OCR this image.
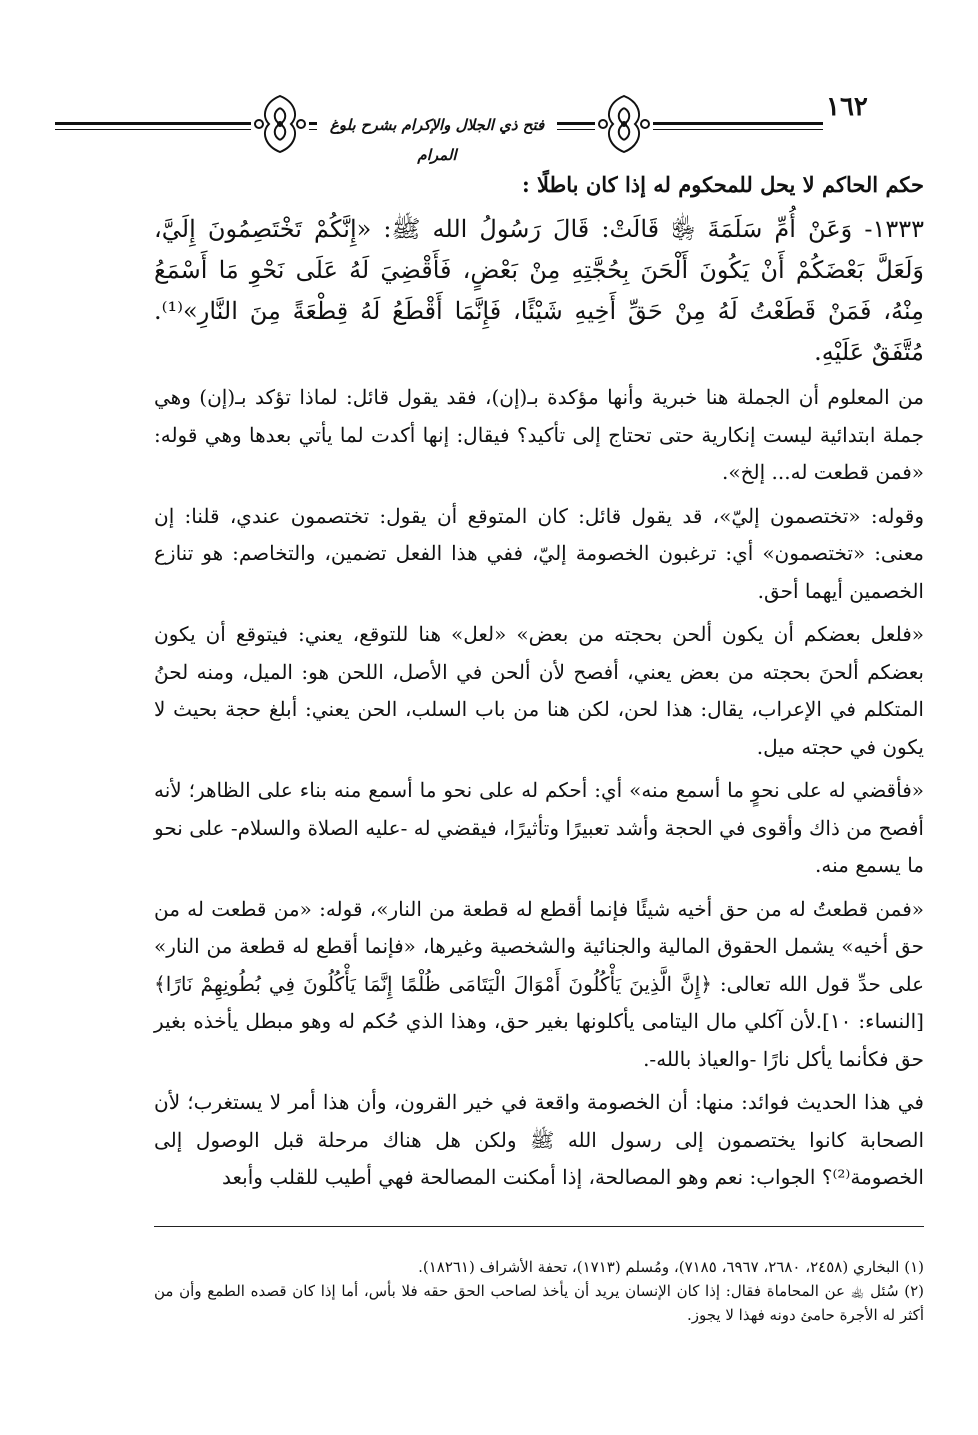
فتح ذي الجلال والإكرام بشرح بلوغ المرام
١٦٢

حكم الحاكم لا يحل للمحكوم له إذا كان باطلًا :

١٣٣٣- وَعَنْ أُمِّ سَلَمَةَ ﵂ قَالَتْ: قَالَ رَسُولُ الله ﷺ: «إِنَّكُمْ تَخْتَصِمُونَ إِلَيَّ، وَلَعَلَّ بَعْضَكُمْ أَنْ يَكُونَ أَلْحَنَ بِحُجَّتِهِ مِنْ بَعْضٍ، فَأَقْضِيَ لَهُ عَلَى نَحْوِ مَا أَسْمَعُ مِنْهُ، فَمَنْ قَطَعْتُ لَهُ مِنْ حَقِّ أَخِيهِ شَيْئًا، فَإِنَّمَا أَقْطَعُ لَهُ قِطْعَةً مِنَ النَّارِ»⁽¹⁾. مُتَّفَقٌ عَلَيْهِ.

من المعلوم أن الجملة هنا خبرية وأنها مؤكدة بـ(إن)، فقد يقول قائل: لماذا تؤكد بـ(إن) وهي جملة ابتدائية ليست إنكارية حتى تحتاج إلى تأكيد؟ فيقال: إنها أكدت لما يأتي بعدها وهي قوله: «فمن قطعت له... إلخ».

وقوله: «تختصمون إليّ»، قد يقول قائل: كان المتوقع أن يقول: تختصمون عندي، قلنا: إن معنى: «تختصمون» أي: ترغبون الخصومة إليّ، ففي هذا الفعل تضمين، والتخاصم: هو تنازع الخصمين أيهما أحق.

«فلعل بعضكم أن يكون ألحن بحجته من بعض» «لعل» هنا للتوقع، يعني: فيتوقع أن يكون بعضكم ألحنَ بحجته من بعض يعني، أفصح لأن ألحن في الأصل، اللحن هو: الميل، ومنه لحنُ المتكلم في الإعراب، يقال: هذا لحن، لكن هنا من باب السلب، الحن يعني: أبلغ حجة بحيث لا يكون في حجته ميل.

«فأقضي له على نحوٍ ما أسمع منه» أي: أحكم له على نحو ما أسمع منه بناء على الظاهر؛ لأنه أفصح من ذاك وأقوى في الحجة وأشد تعبيرًا وتأثيرًا، فيقضي له -عليه الصلاة والسلام- على نحو ما يسمع منه.

«فمن قطعتُ له من حق أخيه شيئًا فإنما أقطع له قطعة من النار»، قوله: «من قطعت له من حق أخيه» يشمل الحقوق المالية والجنائية والشخصية وغيرها، «فإنما أقطع له قطعة من النار» على حدِّ قول الله تعالى: ﴿إِنَّ الَّذِينَ يَأْكُلُونَ أَمْوَالَ الْيَتَامَى ظُلْمًا إِنَّمَا يَأْكُلُونَ فِي بُطُونِهِمْ نَارًا﴾ [النساء: ١٠].لأن آكلي مال اليتامى يأكلونها بغير حق، وهذا الذي حُكم له وهو مبطل يأخذه بغير حق فكأنما يأكل نارًا -والعياذ بالله-.

في هذا الحديث فوائد: منها: أن الخصومة واقعة في خير القرون، وأن هذا أمر لا يستغرب؛ لأن الصحابة كانوا يختصمون إلى رسول الله ﷺ ولكن هل هناك مرحلة قبل الوصول إلى الخصومة⁽²⁾؟ الجواب: نعم وهو المصالحة، إذا أمكنت المصالحة فهي أطيب للقلب وأبعد

(١) البخاري (٢٤٥٨، ٢٦٨٠، ٦٩٦٧، ٧١٨٥)، ومُسلم (١٧١٣)، تحفة الأشراف (١٨٢٦١).

(٢) سُئل ﵀ عن المحاماة فقال: إذا كان الإنسان يريد أن يأخذ لصاحب الحق حقه فلا بأس، أما إذا كان قصده الطمع وأن من أكثر له الأجرة حامئ دونه فهذا لا يجوز.
